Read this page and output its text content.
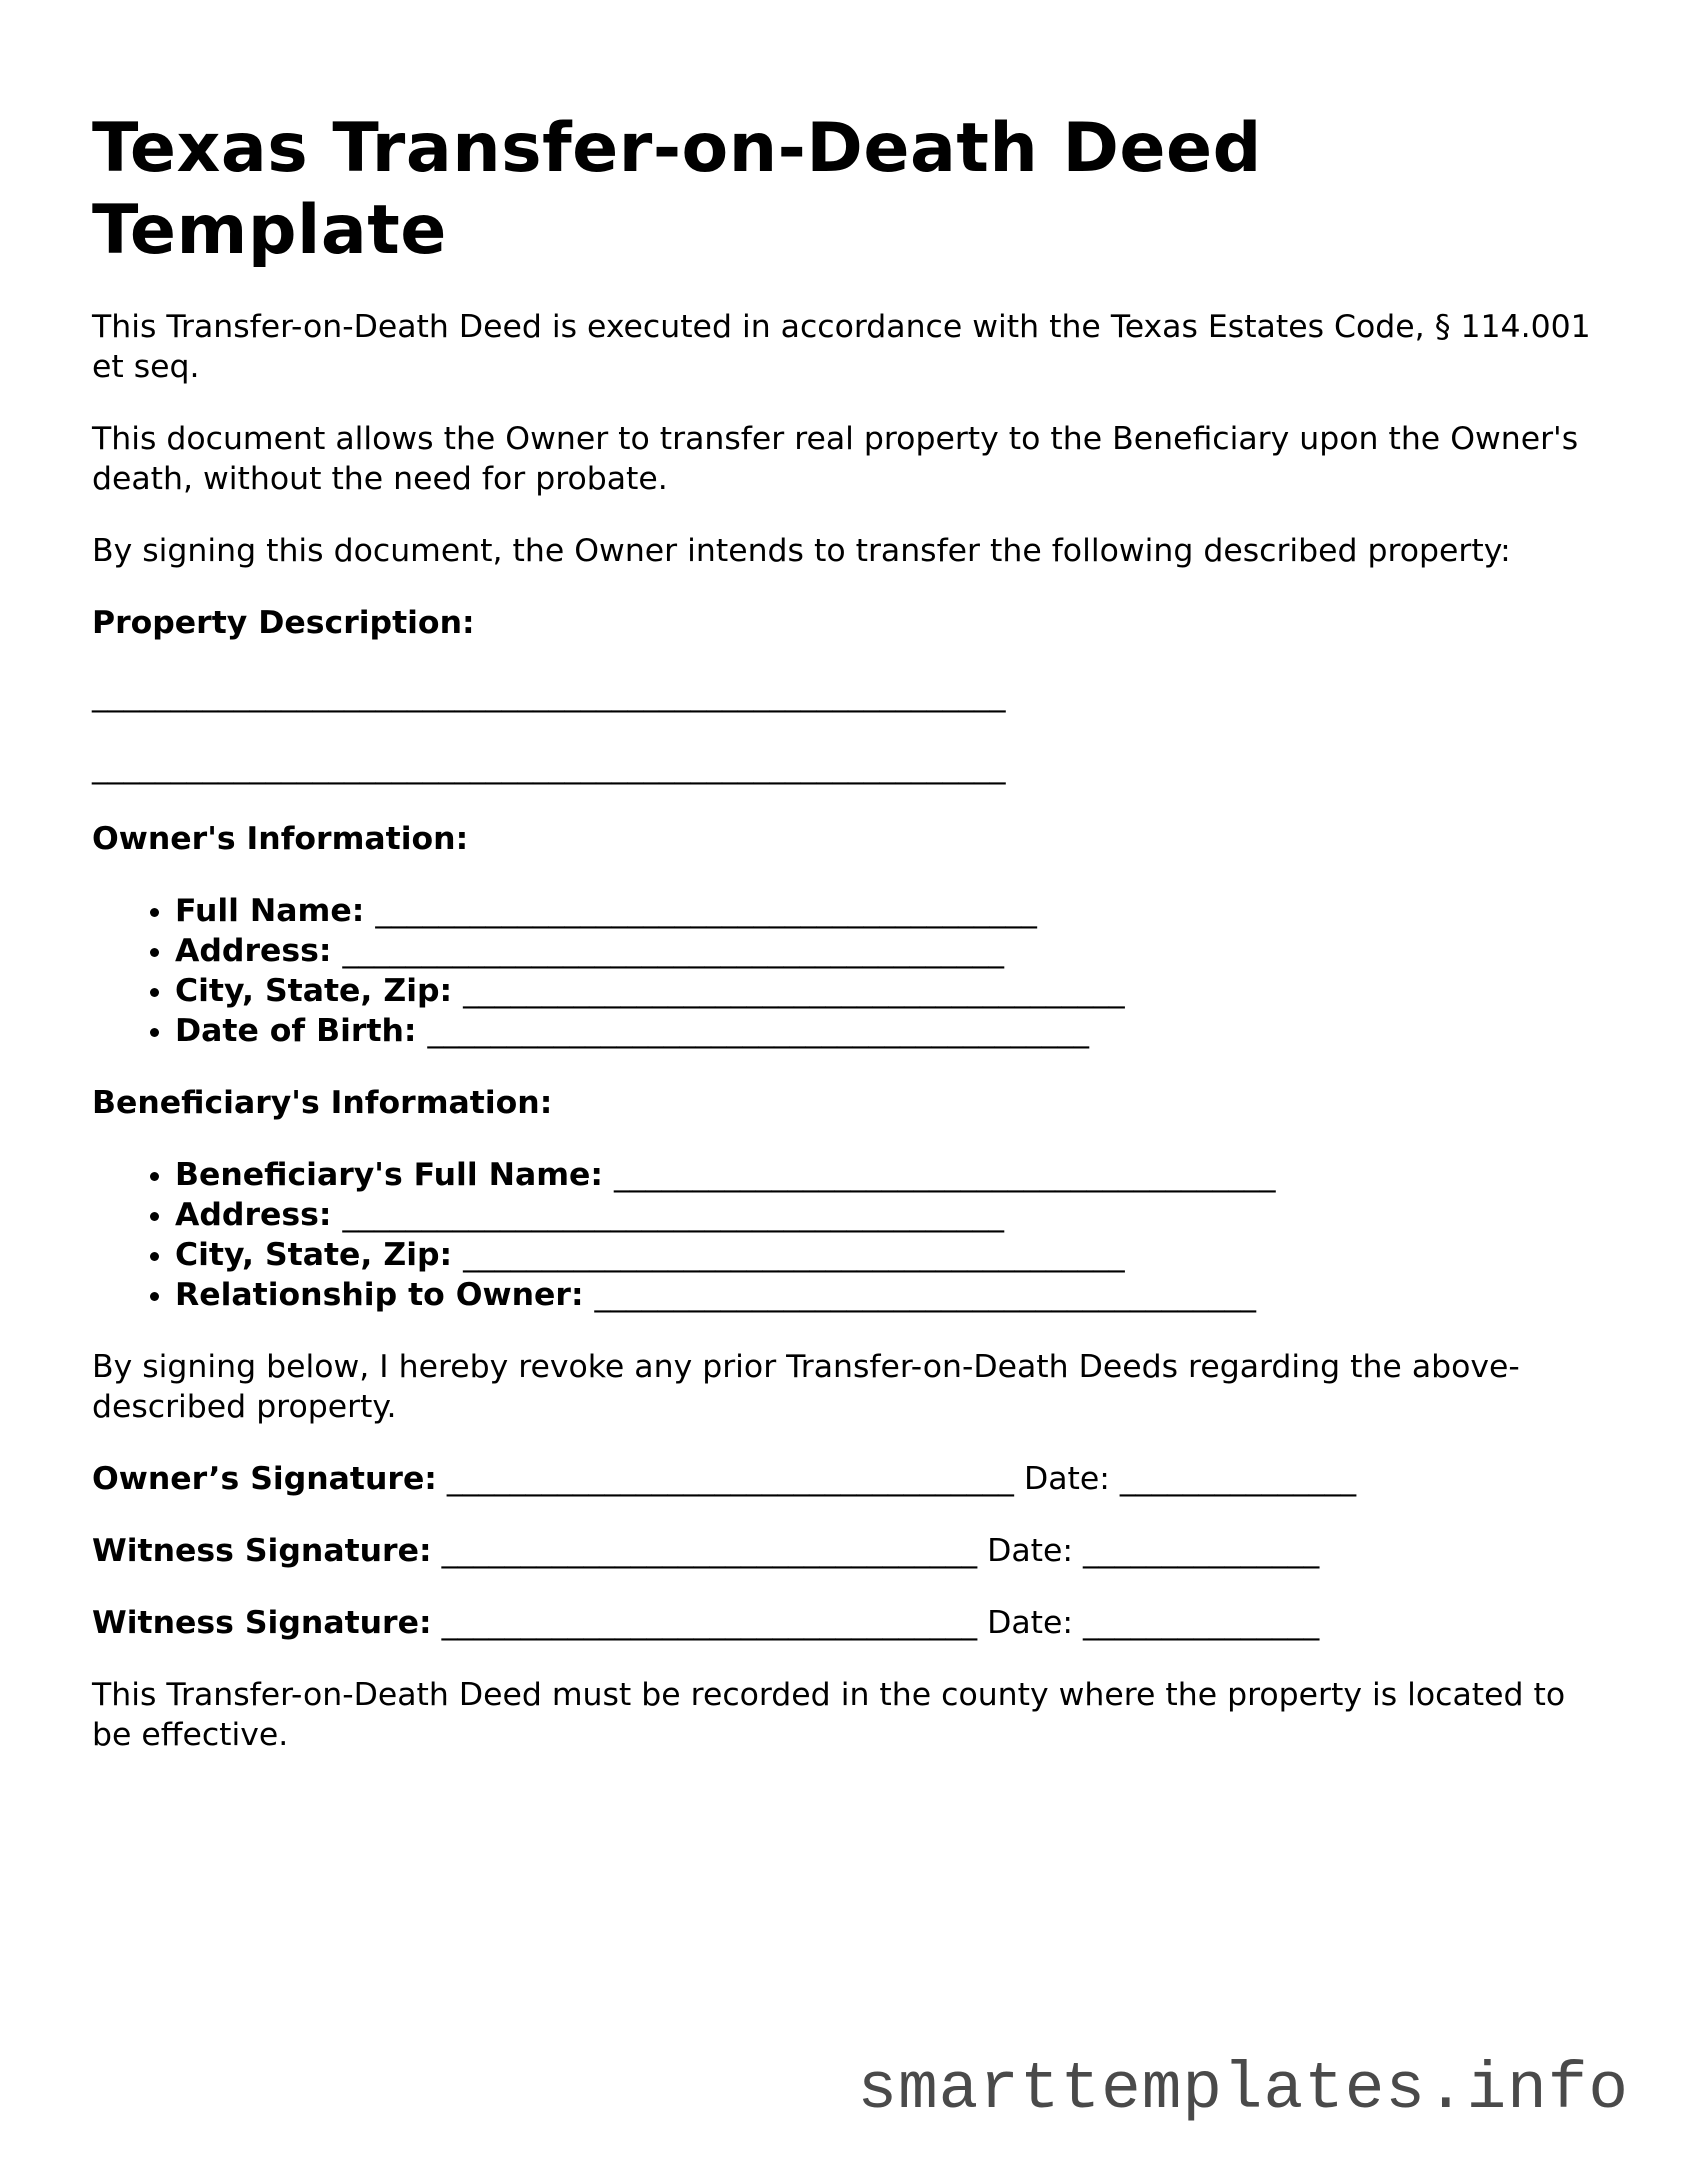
Texas Transfer-on-Death Deed Template

This Transfer-on-Death Deed is executed in accordance with the Texas Estates Code, § 114.001 et seq.

This document allows the Owner to transfer real property to the Beneficiary upon the Owner's death, without the need for probate.

By signing this document, the Owner intends to transfer the following described property:

Property Description:
__________________________________________________________
__________________________________________________________
Owner's Information:
• Full Name: __________________________________________
• Address: __________________________________________
• City, State, Zip: __________________________________________
• Date of Birth: __________________________________________
Beneficiary's Information:
• Beneficiary's Full Name: __________________________________________
• Address: __________________________________________
• City, State, Zip: __________________________________________
• Relationship to Owner: __________________________________________

By signing below, I hereby revoke any prior Transfer-on-Death Deeds regarding the above-described property.

Owner’s Signature: ____________________________________ Date: _______________
Witness Signature: __________________________________ Date: _______________
Witness Signature: __________________________________ Date: _______________

This Transfer-on-Death Deed must be recorded in the county where the property is located to be effective.

smarttemplates.info
